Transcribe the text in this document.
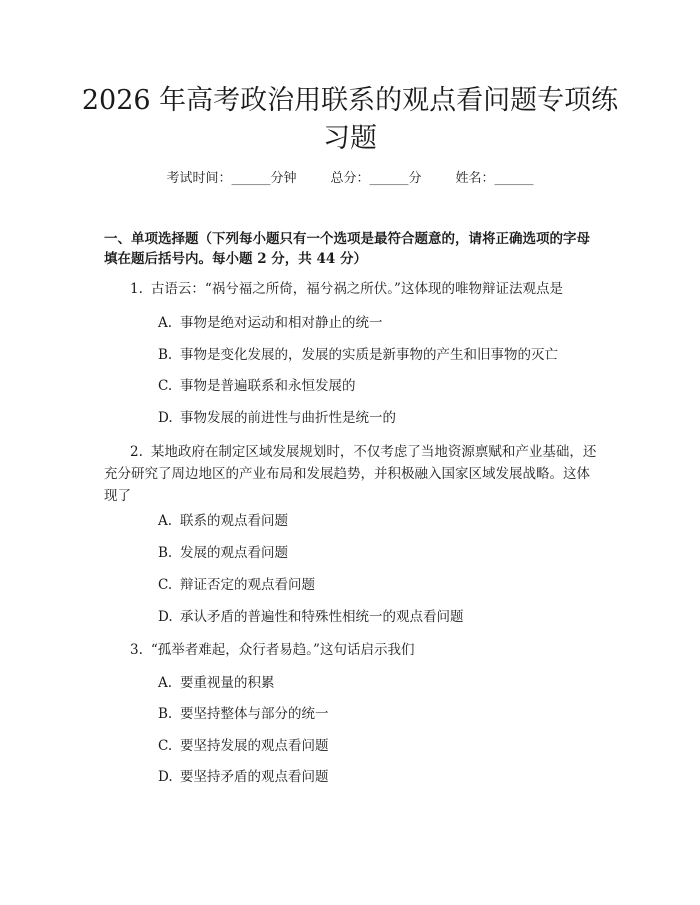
2026 年高考政治用联系的观点看问题专项练习题
考试时间：______分钟	总分：______分	姓名：______

一、单项选择题（下列每小题只有一个选项是最符合题意的，请将正确选项的字母填在题后括号内。每小题 2 分，共 44 分）

1. 古语云：“祸兮福之所倚，福兮祸之所伏。”这体现的唯物辩证法观点是

A. 事物是绝对运动和相对静止的统一
B. 事物是变化发展的，发展的实质是新事物的产生和旧事物的灭亡
C. 事物是普遍联系和永恒发展的
D. 事物发展的前进性与曲折性是统一的

2. 某地政府在制定区域发展规划时，不仅考虑了当地资源禀赋和产业基础，还充分研究了周边地区的产业布局和发展趋势，并积极融入国家区域发展战略。这体现了

A. 联系的观点看问题
B. 发展的观点看问题
C. 辩证否定的观点看问题
D. 承认矛盾的普遍性和特殊性相统一的观点看问题

3. “孤举者难起，众行者易趋。”这句话启示我们

A. 要重视量的积累
B. 要坚持整体与部分的统一
C. 要坚持发展的观点看问题
D. 要坚持矛盾的观点看问题
